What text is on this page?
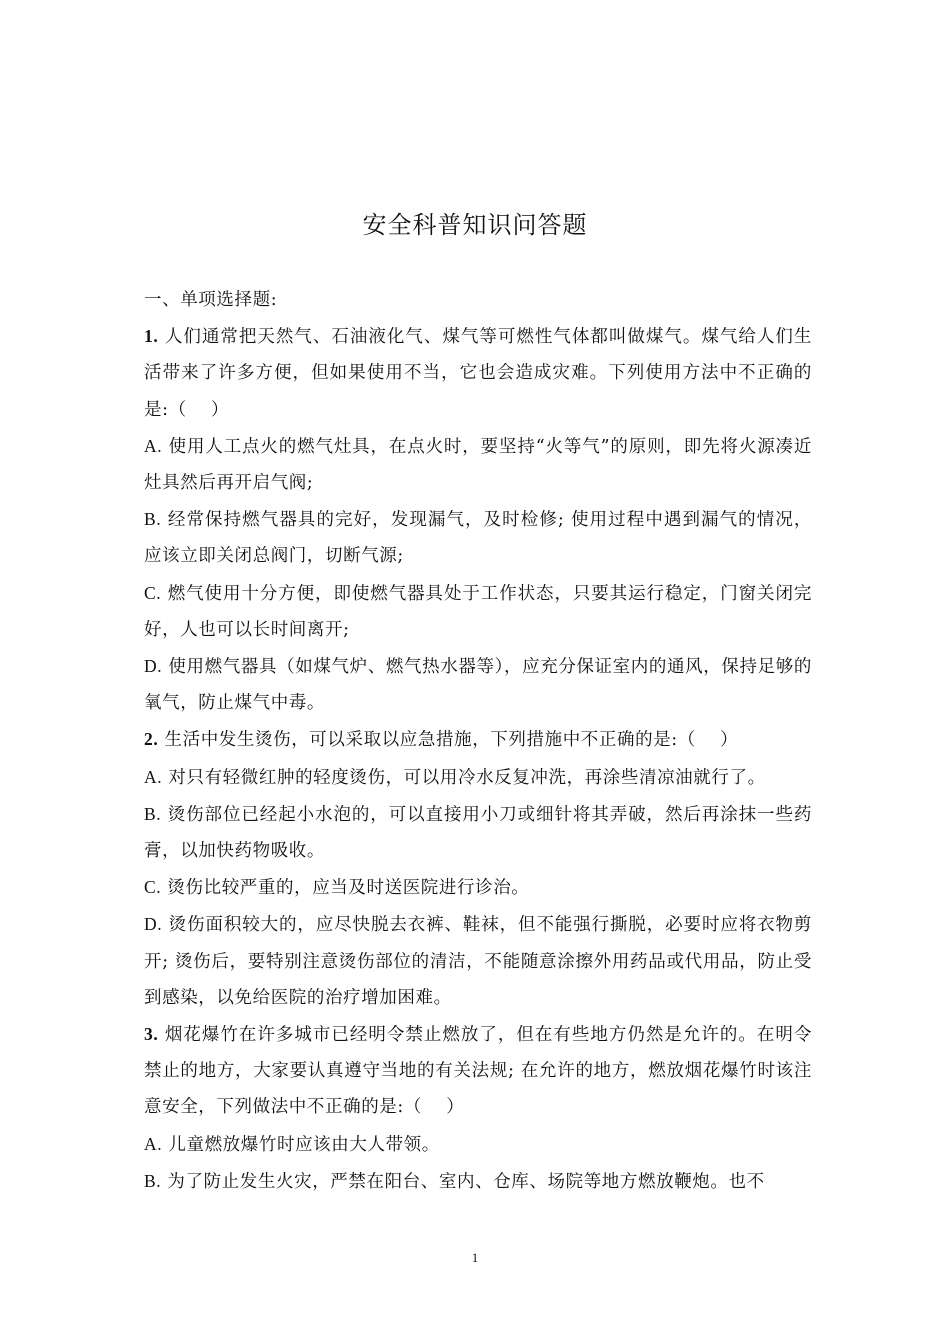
安全科普知识问答题

一、单项选择题:

1. 人们通常把天然气、石油液化气、煤气等可燃性气体都叫做煤气。煤气给人们生活带来了许多方便，但如果使用不当，它也会造成灾难。下列使用方法中不正确的是:（　 ）

A. 使用人工点火的燃气灶具，在点火时，要坚持“火等气”的原则，即先将火源凑近灶具然后再开启气阀;

B. 经常保持燃气器具的完好，发现漏气，及时检修; 使用过程中遇到漏气的情况，应该立即关闭总阀门，切断气源;

C. 燃气使用十分方便，即使燃气器具处于工作状态，只要其运行稳定，门窗关闭完好，人也可以长时间离开;

D. 使用燃气器具（如煤气炉、燃气热水器等），应充分保证室内的通风，保持足够的氧气，防止煤气中毒。

2. 生活中发生烫伤，可以采取以应急措施，下列措施中不正确的是:（　 ）

A. 对只有轻微红肿的轻度烫伤，可以用冷水反复冲洗，再涂些清凉油就行了。

B. 烫伤部位已经起小水泡的，可以直接用小刀或细针将其弄破，然后再涂抹一些药膏，以加快药物吸收。

C. 烫伤比较严重的，应当及时送医院进行诊治。

D. 烫伤面积较大的，应尽快脱去衣裤、鞋袜，但不能强行撕脱，必要时应将衣物剪开; 烫伤后，要特别注意烫伤部位的清洁，不能随意涂擦外用药品或代用品，防止受到感染，以免给医院的治疗增加困难。

3. 烟花爆竹在许多城市已经明令禁止燃放了，但在有些地方仍然是允许的。在明令禁止的地方，大家要认真遵守当地的有关法规; 在允许的地方，燃放烟花爆竹时该注意安全，下列做法中不正确的是:（　 ）

A. 儿童燃放爆竹时应该由大人带领。

B. 为了防止发生火灾，严禁在阳台、室内、仓库、场院等地方燃放鞭炮。也不

1
